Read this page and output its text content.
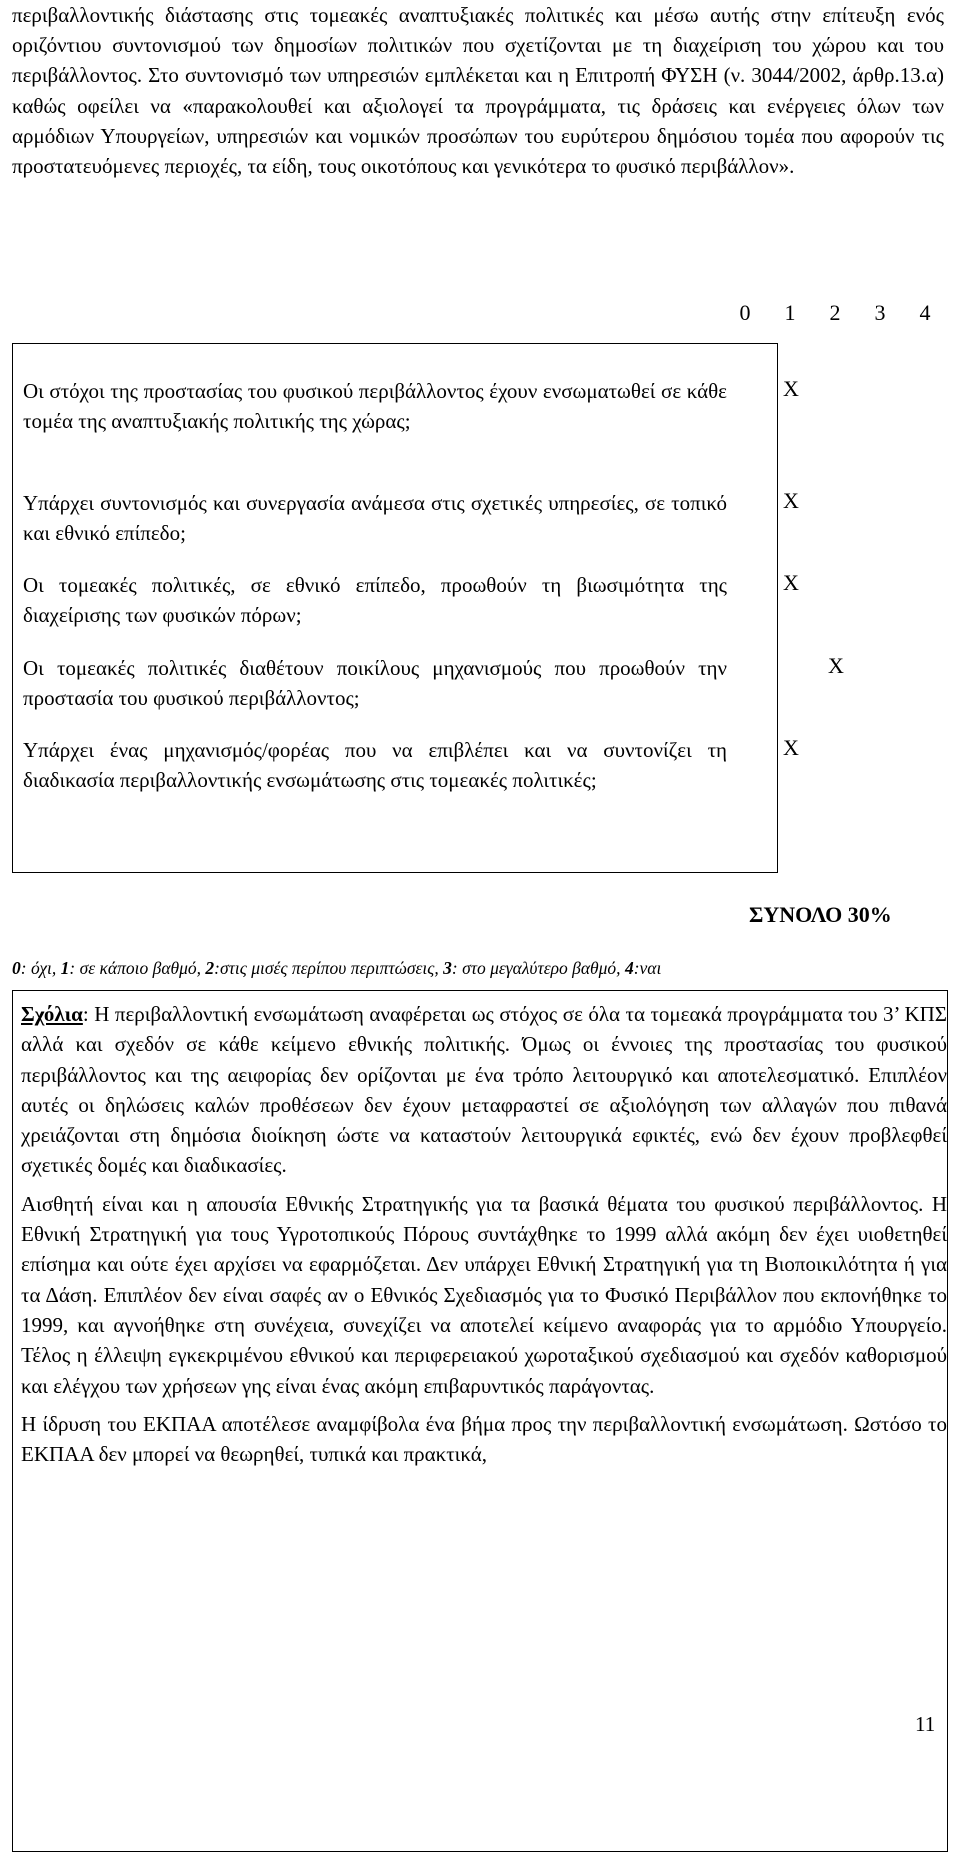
περιβαλλοντικής διάστασης στις τομεακές αναπτυξιακές πολιτικές και μέσω αυτής στην επίτευξη ενός οριζόντιου συντονισμού των δημοσίων πολιτικών που σχετίζονται με τη διαχείριση του χώρου και του περιβάλλοντος. Στο συντονισμό των υπηρεσιών εμπλέκεται και η Επιτροπή ΦΥΣΗ (ν. 3044/2002, άρθρ.13.α) καθώς οφείλει να «παρακολουθεί και αξιολογεί τα προγράμματα, τις δράσεις και ενέργειες όλων των αρμόδιων Υπουργείων, υπηρεσιών και νομικών προσώπων του ευρύτερου δημόσιου τομέα που αφορούν τις προστατευόμενες περιοχές, τα είδη, τους οικοτόπους και γενικότερα το φυσικό περιβάλλον».
0 1 2 3 4
Οι στόχοι της προστασίας του φυσικού περιβάλλοντος έχουν ενσωματωθεί σε κάθε τομέα της αναπτυξιακής πολιτικής της χώρας;
X
Υπάρχει συντονισμός και συνεργασία ανάμεσα στις σχετικές υπηρεσίες, σε τοπικό και εθνικό επίπεδο;
X
Οι τομεακές πολιτικές, σε εθνικό επίπεδο, προωθούν τη βιωσιμότητα της διαχείρισης των φυσικών πόρων;
X
Οι τομεακές πολιτικές διαθέτουν ποικίλους μηχανισμούς που προωθούν την προστασία του φυσικού περιβάλλοντος;
X
Υπάρχει ένας μηχανισμός/φορέας που να επιβλέπει και να συντονίζει τη διαδικασία περιβαλλοντικής ενσωμάτωσης στις τομεακές πολιτικές;
X
ΣΥΝΟΛΟ 30%
0: όχι, 1: σε κάποιο βαθμό, 2:στις μισές περίπου περιπτώσεις, 3: στο μεγαλύτερο βαθμό, 4:ναι

Σχόλια: Η περιβαλλοντική ενσωμάτωση αναφέρεται ως στόχος σε όλα τα τομεακά προγράμματα του 3’ ΚΠΣ αλλά και σχεδόν σε κάθε κείμενο εθνικής πολιτικής. Όμως οι έννοιες της προστασίας του φυσικού περιβάλλοντος και της αειφορίας δεν ορίζονται με ένα τρόπο λειτουργικό και αποτελεσματικό. Επιπλέον αυτές οι δηλώσεις καλών προθέσεων δεν έχουν μεταφραστεί σε αξιολόγηση των αλλαγών που πιθανά χρειάζονται στη δημόσια διοίκηση ώστε να καταστούν λειτουργικά εφικτές, ενώ δεν έχουν προβλεφθεί σχετικές δομές και διαδικασίες.

Αισθητή είναι και η απουσία Εθνικής Στρατηγικής για τα βασικά θέματα του φυσικού περιβάλλοντος. Η Εθνική Στρατηγική για τους Υγροτοπικούς Πόρους συντάχθηκε το 1999 αλλά ακόμη δεν έχει υιοθετηθεί επίσημα και ούτε έχει αρχίσει να εφαρμόζεται. Δεν υπάρχει Εθνική Στρατηγική για τη Βιοποικιλότητα ή για τα Δάση. Επιπλέον δεν είναι σαφές αν ο Εθνικός Σχεδιασμός για το Φυσικό Περιβάλλον που εκπονήθηκε το 1999, και αγνοήθηκε στη συνέχεια, συνεχίζει να αποτελεί κείμενο αναφοράς για το αρμόδιο Υπουργείο. Τέλος η έλλειψη εγκεκριμένου εθνικού και περιφερειακού χωροταξικού σχεδιασμού και σχεδόν καθορισμού και ελέγχου των χρήσεων γης είναι ένας ακόμη επιβαρυντικός παράγοντας.

Η ίδρυση του ΕΚΠΑΑ αποτέλεσε αναμφίβολα ένα βήμα προς την περιβαλλοντική ενσωμάτωση. Ωστόσο το ΕΚΠΑΑ δεν μπορεί να θεωρηθεί, τυπικά και πρακτικά,

11
